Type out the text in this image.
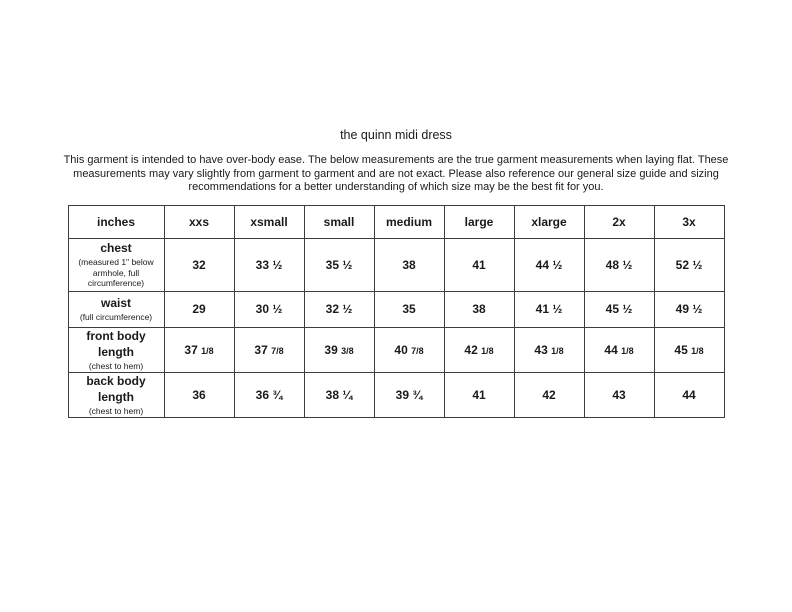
the quinn midi dress

This garment is intended to have over-body ease. The below measurements are the true garment measurements when laying flat. These measurements may vary slightly from garment to garment and are not exact. Please also reference our general size guide and sizing recommendations for a better understanding of which size may be the best fit for you.

inches	xxs	xsmall	small	medium	large	xlarge	2x	3x

chest
(measured 1" below armhole, full circumference)	32	33 ½	35 ½	38	41	44 ½	48 ½	52 ½

waist
(full circumference)	29	30 ½	32 ½	35	38	41 ½	45 ½	49 ½

front body length
(chest to hem)	37 1/8	37 7/8	39 3/8	40 7/8	42 1/8	43 1/8	44 1/8	45 1/8

back body length
(chest to hem)	36	36 ¾	38 ¼	39 ¾	41	42	43	44
